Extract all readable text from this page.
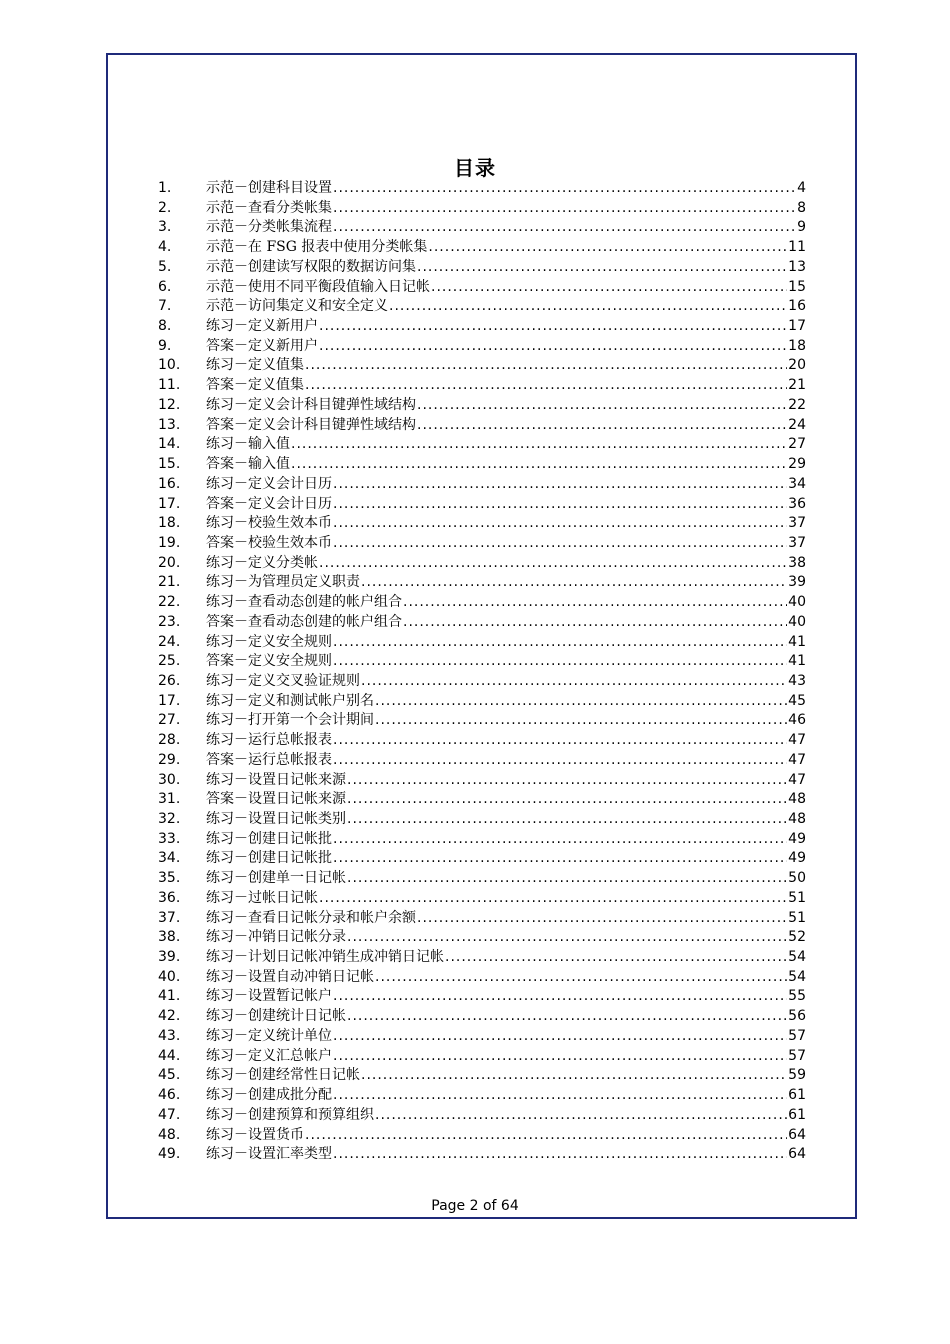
目录
1.	示范－创建科目设置 .....	4
2.	示范－查看分类帐集 .....	8
3.	示范－分类帐集流程 .....	9
4.	示范－在 FSG 报表中使用分类帐集 .....	11
5.	示范－创建读写权限的数据访问集 .....	13
6.	示范－使用不同平衡段值输入日记帐 .....	15
7.	示范－访问集定义和安全定义 .....	16
8.	练习－定义新用户 .....	17
9.	答案－定义新用户 .....	18
10.	练习－定义值集 .....	20
11.	答案－定义值集 .....	21
12.	练习－定义会计科目键弹性域结构 .....	22
13.	答案－定义会计科目键弹性域结构 .....	24
14.	练习－输入值 .....	27
15.	答案－输入值 .....	29
16.	练习－定义会计日历 .....	34
17.	答案－定义会计日历 .....	36
18.	练习－校验生效本币 .....	37
19.	答案－校验生效本币 .....	37
20.	练习－定义分类帐 .....	38
21.	练习－为管理员定义职责 .....	39
22.	练习－查看动态创建的帐户组合 .....	40
23.	答案－查看动态创建的帐户组合 .....	40
24.	练习－定义安全规则 .....	41
25.	答案－定义安全规则 .....	41
26.	练习－定义交叉验证规则 .....	43
17.	练习－定义和测试帐户别名 .....	45
27.	练习－打开第一个会计期间 .....	46
28.	练习－运行总帐报表 .....	47
29.	答案－运行总帐报表 .....	47
30.	练习－设置日记帐来源 .....	47
31.	答案－设置日记帐来源 .....	48
32.	练习－设置日记帐类别 .....	48
33.	练习－创建日记帐批 .....	49
34.	练习－创建日记帐批 .....	49
35.	练习－创建单一日记帐 .....	50
36.	练习－过帐日记帐 .....	51
37.	练习－查看日记帐分录和帐户余额 .....	51
38.	练习－冲销日记帐分录 .....	52
39.	练习－计划日记帐冲销生成冲销日记帐 .....	54
40.	练习－设置自动冲销日记帐 .....	54
41.	练习－设置暂记帐户 .....	55
42.	练习－创建统计日记帐 .....	56
43.	练习－定义统计单位 .....	57
44.	练习－定义汇总帐户 .....	57
45.	练习－创建经常性日记帐 .....	59
46.	练习－创建成批分配 .....	61
47.	练习－创建预算和预算组织 .....	61
48.	练习－设置货币 .....	64
49.	练习－设置汇率类型 .....	64
Page 2 of 64
